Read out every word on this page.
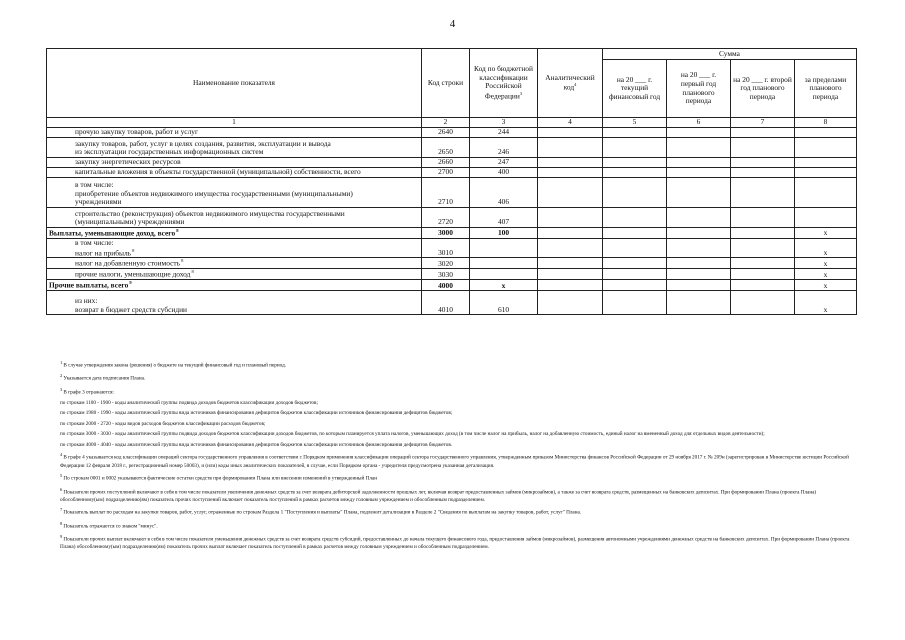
4
Наименование показателя	Код строки	Код по бюджетной классификации Российской Федерации$^3$	Аналитический код$^4$	Сумма			
				на 20 ___ г. текущий финансовый год	на 20 ___ г. первый год планового периода	на 20 ___ г. второй год планового периода	за пределами планового периода
1	2	3	4	5	6	7	8
прочую закупку товаров, работ и услуг	2640	244					
закупку товаров, работ, услуг в целях создания, развития, эксплуатации и вывода
из эксплуатации государственных информационных систем	2650	246					
закупку энергетических ресурсов	2660	247					
капитальные вложения в объекты государственной (муниципальной) собственности, всего	2700	400					
в том числе:
приобретение объектов недвижимого имущества государственными (муниципальными)
учреждениями	2710	406					
строительство (реконструкция) объектов недвижимого имущества государственными
(муниципальными) учреждениями	2720	407					
Выплаты, уменьшающие доход, всего $^8$	3000	100					х
в том числе:
налог на прибыль $^8$	3010						х
налог на добавленную стоимость $^8$	3020						х
прочие налоги, уменьшающие доход $^8$	3030						х
Прочие выплаты, всего $^9$	4000	х					х
из них:
возврат в бюджет средств субсидии	4010	610					х

$^1$ В случае утверждения закона (решения) о бюджете на текущий финансовый год и плановый период.

$^2$ Указывается дата подписания Плана.

$^3$ В графе 3 отражаются:

по строкам 1100 - 1900 - коды аналитической группы подвида доходов бюджетов классификации доходов бюджетов;

по строкам 1980 - 1990 - коды аналитической группы вида источников финансирования дефицитов бюджетов классификации источников финансирования дефицитов бюджетов;

по строкам 2000 - 2720 - коды видов расходов бюджетов классификации расходов бюджетов;

по строкам 3000 - 3030 - коды аналитической группы подвида доходов бюджетов классификации доходов бюджетов, по которым планируется уплата налогов, уменьшающих доход (в том числе налог на прибыль, налог на добавленную стоимость, единый налог на вмененный доход для отдельных видов деятельности);

по строкам 4000 - 4040 - коды аналитической группы вида источников финансирования дефицитов бюджетов классификации источников финансирования дефицитов бюджетов.

$^4$ В графе 4 указывается код классификации операций сектора государственного управления в соответствии с Порядком применения классификации операций сектора государственного управления, утвержденным приказом Министерства финансов Российской Федерации от 29 ноября 2017 г. № 209н (зарегистрирован в Министерстве юстиции Российской Федерации 12 февраля 2018 г., регистрационный номер 50003), и (или) коды иных аналитических показателей, в случае, если Порядком органа - учредителя предусмотрена указанная детализация.

$^5$ По строкам 0001 и 0002 указываются фактические остатки средств при формировании Плана или внесении изменений в утвержденный План

$^6$ Показатели прочих поступлений включают в себя в том числе показатели увеличения денежных средств за счет возврата дебиторской задолженности прошлых лет, включая возврат предоставленных займов (микрозаймов), а также за счет возврата средств, размещенных на банковских депозитах. При формировании Плана (проекта Плана) обособленному(ым) подразделению(ям) показатель прочих поступлений включает показатель поступлений в рамках расчетов между головным учреждением и обособленным подразделением.

$^7$ Показатель выплат по расходам на закупки товаров, работ, услуг, отраженные по строкам Раздела 1 "Поступления и выплаты" Плана, подлежит детализации в Разделе 2 "Сведения по выплатам на закупку товаров, работ, услуг" Плана.

$^8$ Показатель отражается со знаком "минус".

$^9$ Показатели прочих выплат включают в себя в том числе показатели уменьшения денежных средств за счет возврата средств субсидий, предоставленных до начала текущего финансового года, предоставления займов (микрозаймов), размещения автономными учреждениями денежных средств на банковских депозитах. При формировании Плана (проекта Плана) обособленному(ым) подразделению(ям) показатель прочих выплат включает показатель поступлений в рамках расчетов между головным учреждением и обособленным подразделением.
